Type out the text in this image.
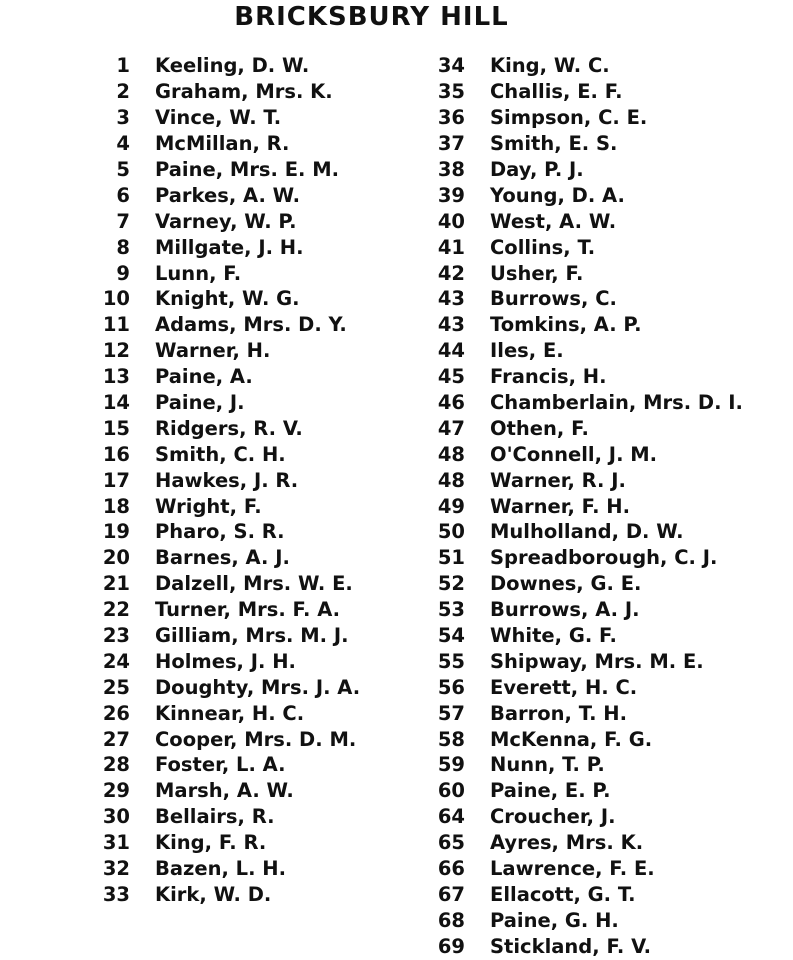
BRICKSBURY HILL
1 Keeling, D. W.
2 Graham, Mrs. K.
3 Vince, W. T.
4 McMillan, R.
5 Paine, Mrs. E. M.
6 Parkes, A. W.
7 Varney, W. P.
8 Millgate, J. H.
9 Lunn, F.
10 Knight, W. G.
11 Adams, Mrs. D. Y.
12 Warner, H.
13 Paine, A.
14 Paine, J.
15 Ridgers, R. V.
16 Smith, C. H.
17 Hawkes, J. R.
18 Wright, F.
19 Pharo, S. R.
20 Barnes, A. J.
21 Dalzell, Mrs. W. E.
22 Turner, Mrs. F. A.
23 Gilliam, Mrs. M. J.
24 Holmes, J. H.
25 Doughty, Mrs. J. A.
26 Kinnear, H. C.
27 Cooper, Mrs. D. M.
28 Foster, L. A.
29 Marsh, A. W.
30 Bellairs, R.
31 King, F. R.
32 Bazen, L. H.
33 Kirk, W. D.
34 King, W. C.
35 Challis, E. F.
36 Simpson, C. E.
37 Smith, E. S.
38 Day, P. J.
39 Young, D. A.
40 West, A. W.
41 Collins, T.
42 Usher, F.
43 Burrows, C.
43 Tomkins, A. P.
44 Iles, E.
45 Francis, H.
46 Chamberlain, Mrs. D. I.
47 Othen, F.
48 O'Connell, J. M.
48 Warner, R. J.
49 Warner, F. H.
50 Mulholland, D. W.
51 Spreadborough, C. J.
52 Downes, G. E.
53 Burrows, A. J.
54 White, G. F.
55 Shipway, Mrs. M. E.
56 Everett, H. C.
57 Barron, T. H.
58 McKenna, F. G.
59 Nunn, T. P.
60 Paine, E. P.
64 Croucher, J.
65 Ayres, Mrs. K.
66 Lawrence, F. E.
67 Ellacott, G. T.
68 Paine, G. H.
69 Stickland, F. V.
